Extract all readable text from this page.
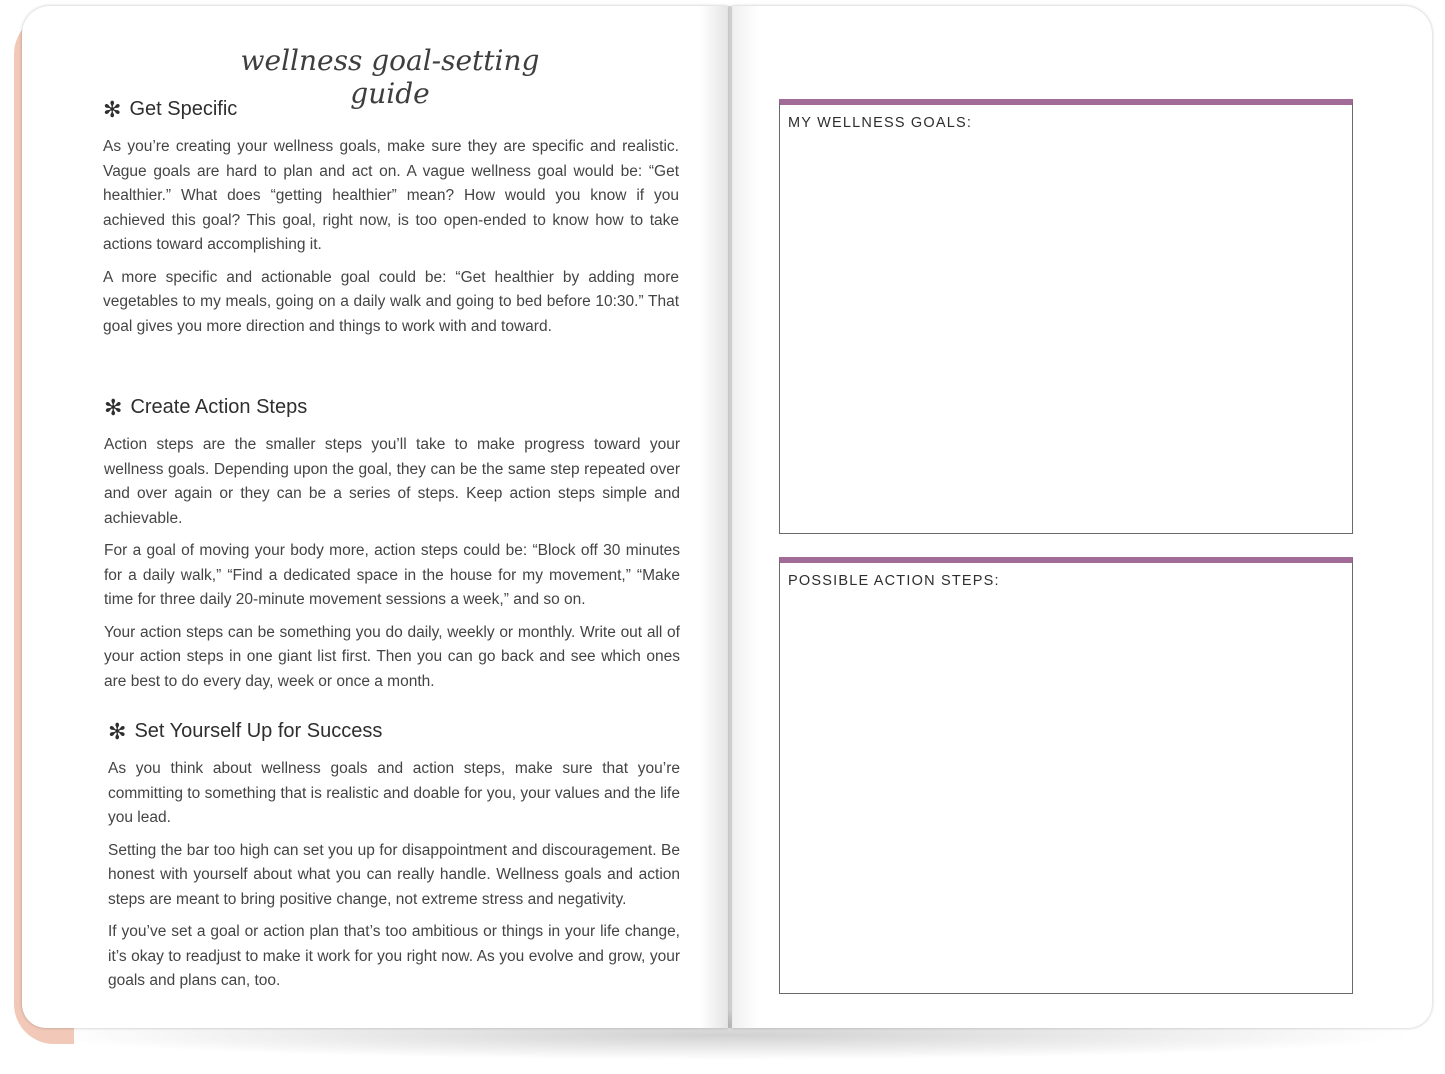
wellness goal-setting guide
✻ Get Specific

As you’re creating your wellness goals, make sure they are specific and realistic. Vague goals are hard to plan and act on. A vague wellness goal would be: “Get healthier.” What does “getting healthier” mean? How would you know if you achieved this goal? This goal, right now, is too open-ended to know how to take actions toward accomplishing it.

A more specific and actionable goal could be: “Get healthier by adding more vegetables to my meals, going on a daily walk and going to bed before 10:30.” That goal gives you more direction and things to work with and toward.

✻ Create Action Steps

Action steps are the smaller steps you’ll take to make progress toward your wellness goals. Depending upon the goal, they can be the same step repeated over and over again or they can be a series of steps. Keep action steps simple and achievable.

For a goal of moving your body more, action steps could be: “Block off 30 minutes for a daily walk,” “Find a dedicated space in the house for my movement,” “Make time for three daily 20-minute movement sessions a week,” and so on.

Your action steps can be something you do daily, weekly or monthly. Write out all of your action steps in one giant list first. Then you can go back and see which ones are best to do every day, week or once a month.

✻ Set Yourself Up for Success

As you think about wellness goals and action steps, make sure that you’re committing to something that is realistic and doable for you, your values and the life you lead.

Setting the bar too high can set you up for disappointment and discouragement. Be honest with yourself about what you can really handle. Wellness goals and action steps are meant to bring positive change, not extreme stress and negativity.

If you’ve set a goal or action plan that’s too ambitious or things in your life change, it’s okay to readjust to make it work for you right now. As you evolve and grow, your goals and plans can, too.

MY WELLNESS GOALS:
POSSIBLE ACTION STEPS:
